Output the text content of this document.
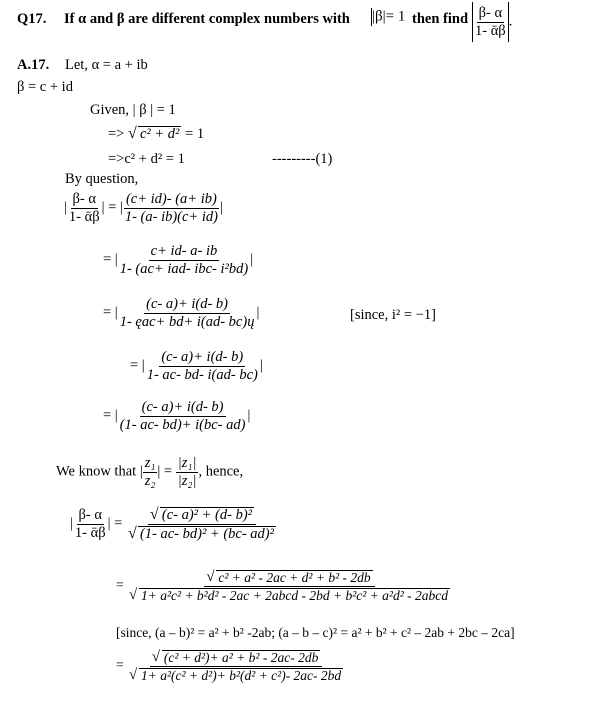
Q17. If α and β are different complex numbers with |β|= 1 then find $\frac{\beta- \alpha}{\text{1- ᾱβ}}$ .
A.17. Let, α = a + ib
β = c + id
Given, | β | = 1
=> √ c² + d² = 1
=>c² + d² = 1	---------(1)
By question,
| $\frac{\beta- \alpha}{\text{1- ᾱβ}}$ | = | $\frac{(c+ id)- (a+ ib)}{1- (a- ib)(c+ id)}$ |
= | $\frac{c+ id- a- ib}{\text{1- (ac+ iad- ibc- i²bd)}}$ |
= | $\frac{(c- a)+ i(d- b)}{\text{1- ęac+ bd+ i(ad- bc)ų}}$ |	[since, i² = −1]
= | $\frac{(c- a)+ i(d- b)}{1- ac- bd- i(ad- bc)}$ |
= | $\frac{(c- a)+ i(d- b)}{(1- ac- bd)+ i(bc- ad)}$ |
We know that | $\frac{\text{z₁}}{\text{z₂}}$ | = $\frac{\text{|z₁|}}{\text{|z₂|}}$ , hence,
| $\frac{\beta- \alpha}{\text{1- ᾱβ}}$ | = $\frac{\text{√ (c- a)² + (d- b)²}}{\text{√ (1- ac- bd)² + (bc- ad)²}}$
= $\frac{\text{√ c² + a² - 2ac + d² + b² - 2db}}{\text{√ 1+ a²c² + b²d² - 2ac + 2abcd - 2bd + b²c² + a²d² - 2abcd}}$
[since, (a – b)² = a² + b² -2ab; (a – b – c)² = a² + b² + c² – 2ab + 2bc – 2ca]
= $\frac{\text{√ (c² + d²)+ a² + b² - 2ac- 2db}}{\text{√ 1+ a²(c² + d²)+ b²(d² + c²)- 2ac- 2bd}}$
